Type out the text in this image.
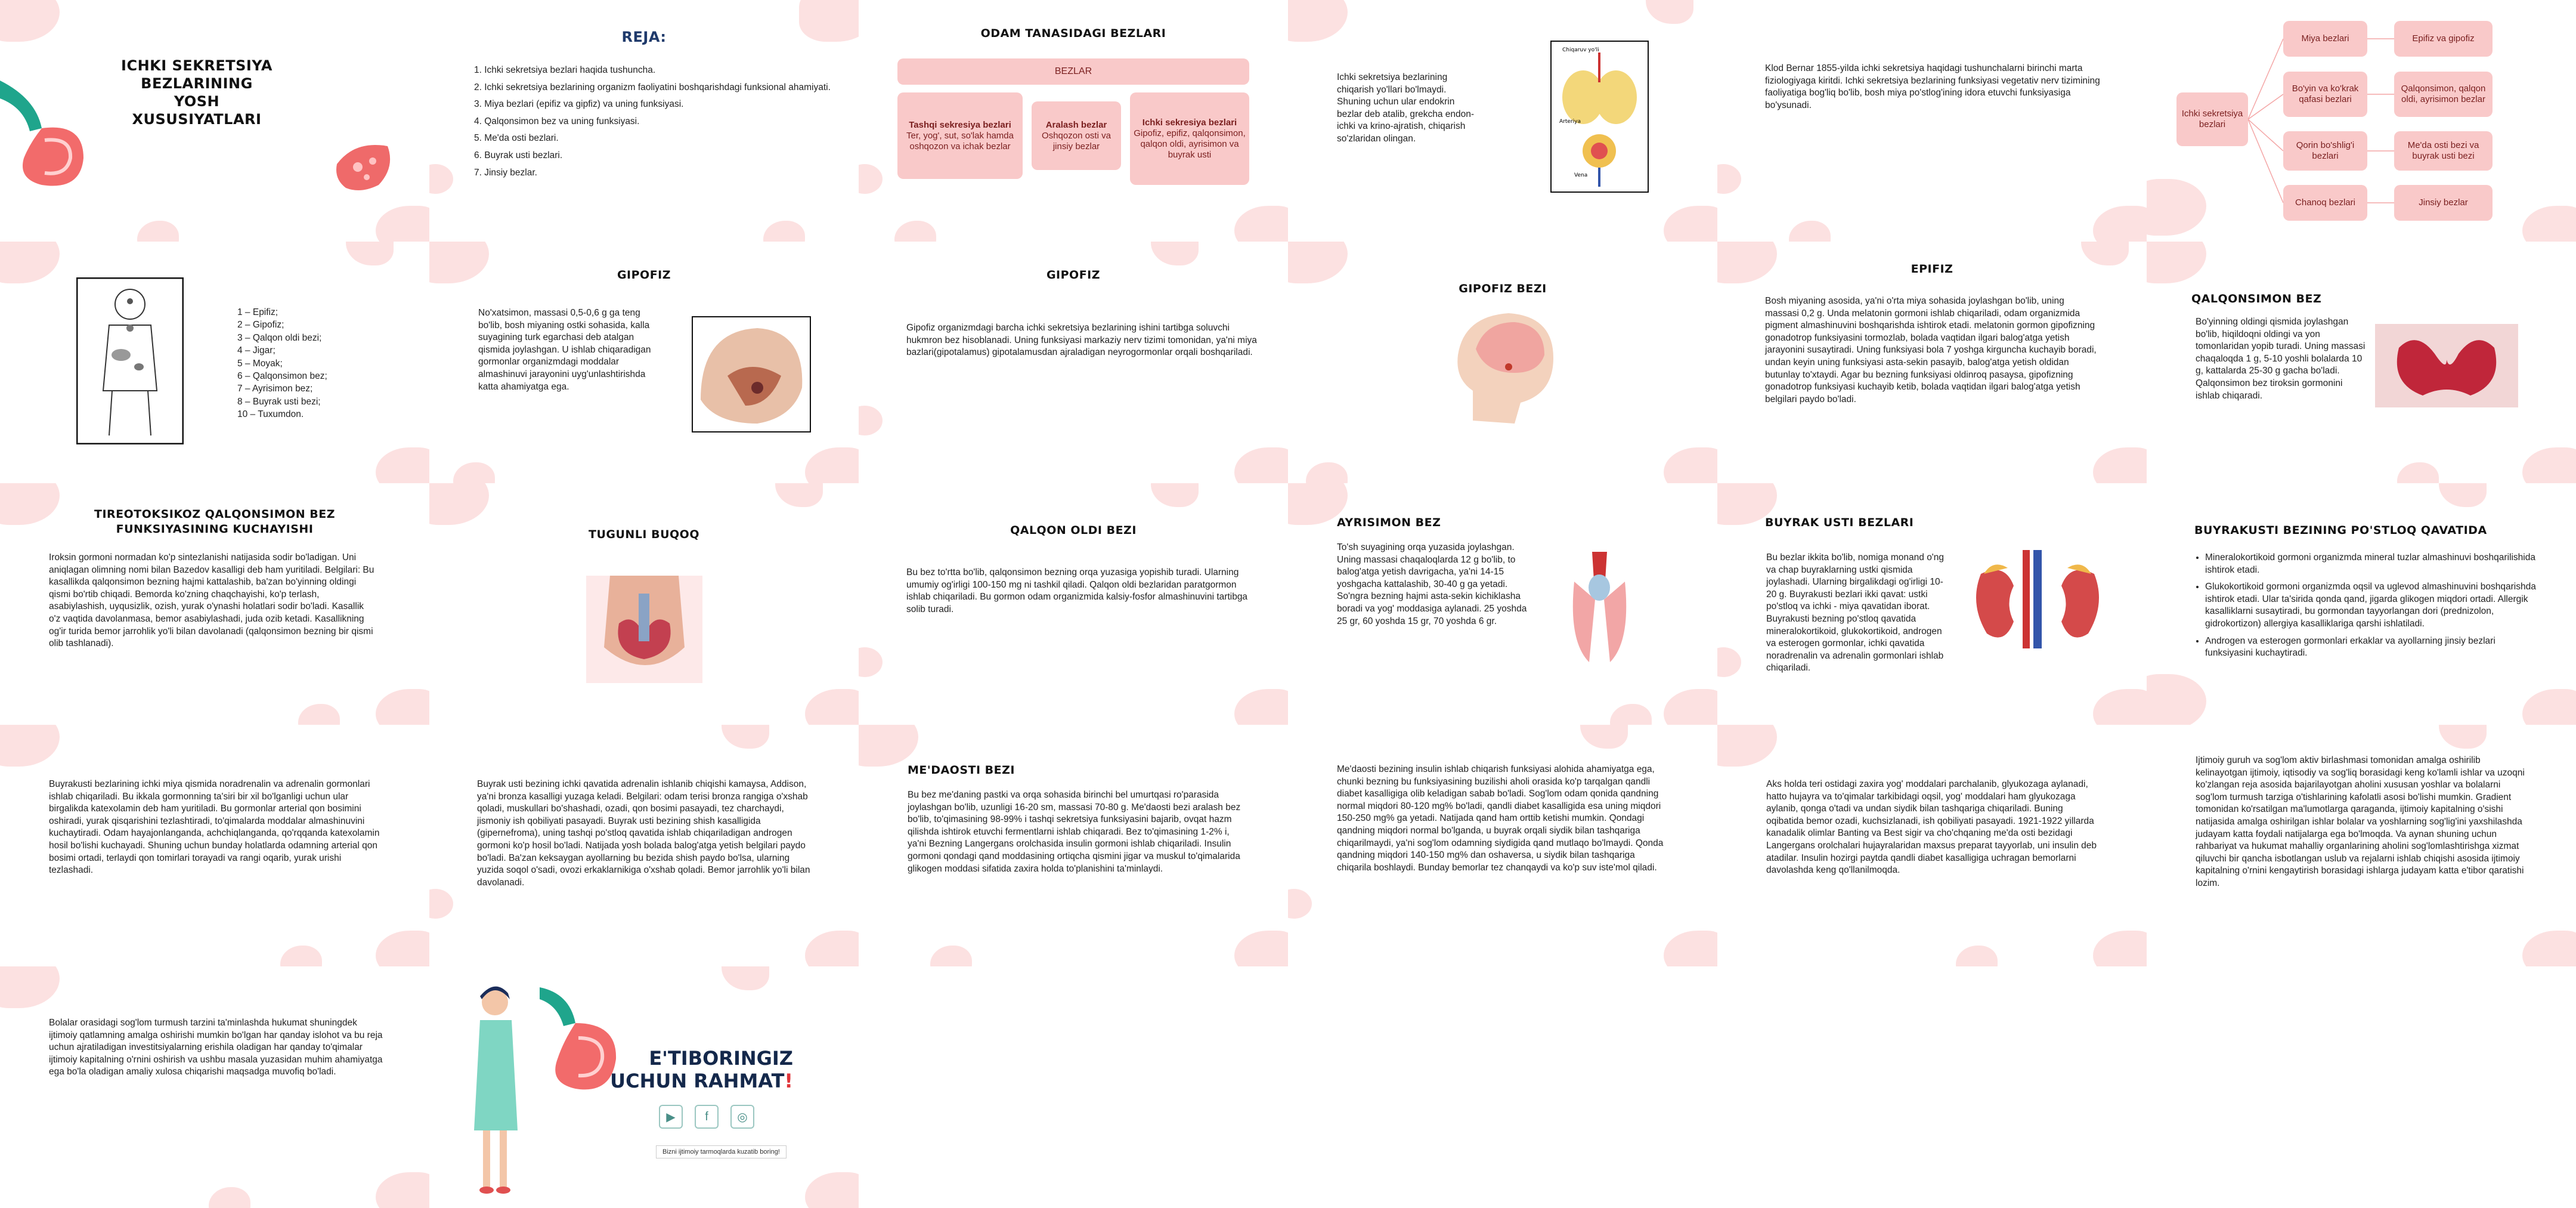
ICHKI SEKRETSIYA
BEZLARINING
YOSH XUSUSIYATLARI
REJA:
1. Ichki sekretsiya bezlari haqida tushuncha.
2. Ichki sekretsiya bezlarining organizm faoliyatini boshqarishdagi funksional ahamiyati.
3. Miya bezlari (epifiz va gipfiz) va uning funksiyasi.
4. Qalqonsimon bez va uning funksiyasi.
5. Me'da osti bezlari.
6. Buyrak usti bezlari.
7. Jinsiy bezlar.
ODAM TANASIDAGI BEZLARI
BEZLAR
Tashqi sekresiya bezlari
Ter, yog', sut, so'lak hamda oshqozon va ichak bezlar
Aralash bezlar
Oshqozon osti va jinsiy bezlar
Ichki sekresiya bezlari
Gipofiz, epifiz, qalqonsimon, qalqon oldi, ayrisimon va buyrak usti
Ichki sekretsiya bezlarining chiqarish yo'llari bo'lmaydi. Shuning uchun ular endokrin bezlar deb atalib, grekcha endon-ichki va krino-ajratish, chiqarish so'zlaridan olingan.
Chiqaruv yo'li
Arteriya
Vena
Klod Bernar 1855-yilda ichki sekretsiya haqidagi tushunchalarni birinchi marta fiziologiyaga kiritdi. Ichki sekretsiya bezlarining funksiyasi vegetativ nerv tizimining faoliyatiga bog'liq bo'lib, bosh miya po'stlog'ining idora etuvchi funksiyasiga bo'ysunadi.
Ichki sekretsiya bezlari
Miya bezlari
Bo'yin va ko'krak qafasi bezlari
Qorin bo'shlig'i bezlari
Chanoq bezlari
Epifiz va gipofiz
Qalqonsimon, qalqon oldi, ayrisimon bezlar
Me'da osti bezi va buyrak usti bezi
Jinsiy bezlar
1 – Epifiz;
2 – Gipofiz;
3 – Qalqon oldi bezi;
4 – Jigar;
5 – Moyak;
6 – Qalqonsimon bez;
7 – Ayrisimon bez;
8 – Buyrak usti bezi;
10 – Tuxumdon.
GIPOFIZ
No'xatsimon, massasi 0,5-0,6 g ga teng bo'lib, bosh miyaning ostki sohasida, kalla suyagining turk egarchasi deb atalgan qismida joylashgan. U ishlab chiqaradigan gormonlar organizmdagi moddalar almashinuvi jarayonini uyg'unlashtirishda katta ahamiyatga ega.
GIPOFIZ
Gipofiz organizmdagi barcha ichki sekretsiya bezlarining ishini tartibga soluvchi hukmron bez hisoblanadi. Uning funksiyasi markaziy nerv tizimi tomonidan, ya'ni miya bazlari(gipotalamus) gipotalamusdan ajraladigan neyrogormonlar orqali boshqariladi.
GIPOFIZ BEZI
EPIFIZ
Bosh miyaning asosida, ya'ni o'rta miya sohasida joylashgan bo'lib, uning massasi 0,2 g. Unda melatonin gormoni ishlab chiqariladi, odam organizmida pigment almashinuvini boshqarishda ishtirok etadi. melatonin gormon gipofizning gonadotrop funksiyasini tormozlab, bolada vaqtidan ilgari balog'atga yetish jarayonini susaytiradi. Uning funksiyasi bola 7 yoshga kirguncha kuchayib boradi, undan keyin uning funksiyasi asta-sekin pasayib, balog'atga yetish oldidan butunlay to'xtaydi. Agar bu bezning funksiyasi oldinroq pasaysa, gipofizning gonadotrop funksiyasi kuchayib ketib, bolada vaqtidan ilgari balog'atga yetish belgilari paydo bo'ladi.
QALQONSIMON BEZ
Bo'yinning oldingi qismida joylashgan bo'lib, hiqildoqni oldingi va yon tomonlaridan yopib turadi. Uning massasi chaqaloqda 1 g, 5-10 yoshli bolalarda 10 g, kattalarda 25-30 g gacha bo'ladi. Qalqonsimon bez tiroksin gormonini ishlab chiqaradi.
TIREOTOKSIKOZ QALQONSIMON BEZ
FUNKSIYASINING KUCHAYISHI
Iroksin gormoni normadan ko'p sintezlanishi natijasida sodir bo'ladigan. Uni aniqlagan olimning nomi bilan Bazedov kasalligi deb ham yuritiladi. Belgilari: Bu kasallikda qalqonsimon bezning hajmi kattalashib, ba'zan bo'yinning oldingi qismi bo'rtib chiqadi. Bemorda ko'zning chaqchayishi, ko'p terlash, asabiylashish, uyqusizlik, ozish, yurak o'ynashi holatlari sodir bo'ladi. Kasallik o'z vaqtida davolanmasa, bemor asabiylashadi, juda ozib ketadi. Kasallikning og'ir turida bemor jarrohlik yo'li bilan davolanadi (qalqonsimon bezning bir qismi olib tashlanadi).
TUGUNLI BUQOQ	QALQON OLDI BEZI
Bu bez to'rtta bo'lib, qalqonsimon bezning orqa yuzasiga yopishib turadi. Ularning umumiy og'irligi 100-150 mg ni tashkil qiladi. Qalqon oldi bezlaridan paratgormon ishlab chiqariladi. Bu gormon odam organizmida kalsiy-fosfor almashinuvini tartibga solib turadi.
AYRISIMON BEZ
To'sh suyagining orqa yuzasida joylashgan. Uning massasi chaqaloqlarda 12 g bo'lib, to balog'atga yetish davrigacha, ya'ni 14-15 yoshgacha kattalashib, 30-40 g ga yetadi. So'ngra bezning hajmi asta-sekin kichiklasha boradi va yog' moddasiga aylanadi. 25 yoshda 25 gr, 60 yoshda 15 gr, 70 yoshda 6 gr.
BUYRAK USTI BEZLARI
Bu bezlar ikkita bo'lib, nomiga monand o'ng va chap buyraklarning ustki qismida joylashadi. Ularning birgalikdagi og'irligi 10-20 g. Buyrakusti bezlari ikki qavat: ustki po'stloq va ichki - miya qavatidan iborat. Buyrakusti bezning po'stloq qavatida mineralokortikoid, glukokortikoid, androgen va esterogen gormonlar, ichki qavatida noradrenalin va adrenalin gormonlari ishlab chiqariladi.
BUYRAKUSTI BEZINING PO'STLOQ QAVATIDA
• Mineralokortikoid gormoni organizmda mineral tuzlar almashinuvi boshqarilishida ishtirok etadi.
• Glukokortikoid gormoni organizmda oqsil va uglevod almashinuvini boshqarishda ishtirok etadi. Ular ta'sirida qonda qand, jigarda glikogen miqdori ortadi. Allergik kasalliklarni susaytiradi, bu gormondan tayyorlangan dori (prednizolon, gidrokortizon) allergiya kasalliklariga qarshi ishlatiladi.
• Androgen va esterogen gormonlari erkaklar va ayollarning jinsiy bezlari funksiyasini kuchaytiradi.
Buyrakusti bezlarining ichki miya qismida noradrenalin va adrenalin gormonlari ishlab chiqariladi. Bu ikkala gormonning ta'siri bir xil bo'lganligi uchun ular birgalikda katexolamin deb ham yuritiladi. Bu gormonlar arterial qon bosimini oshiradi, yurak qisqarishini tezlashtiradi, to'qimalarda moddalar almashinuvini kuchaytiradi. Odam hayajonlanganda, achchiqlanganda, qo'rqqanda katexolamin hosil bo'lishi kuchayadi. Shuning uchun bunday holatlarda odamning arterial qon bosimi ortadi, terlaydi qon tomirlari torayadi va rangi oqarib, yurak urishi tezlashadi.
Buyrak usti bezining ichki qavatida adrenalin ishlanib chiqishi kamaysa, Addison, ya'ni bronza kasalligi yuzaga keladi. Belgilari: odam terisi bronza rangiga o'xshab qoladi, muskullari bo'shashadi, ozadi, qon bosimi pasayadi, tez charchaydi, jismoniy ish qobiliyati pasayadi. Buyrak usti bezining shish kasalligida (gipernefroma), uning tashqi po'stloq qavatida ishlab chiqariladigan androgen gormoni ko'p hosil bo'ladi. Natijada yosh bolada balog'atga yetish belgilari paydo bo'ladi. Ba'zan keksaygan ayollarning bu bezida shish paydo bo'lsa, ularning yuzida soqol o'sadi, ovozi erkaklarnikiga o'xshab qoladi. Bemor jarrohlik yo'li bilan davolanadi.
ME'DAOSTI BEZI
Bu bez me'daning pastki va orqa sohasida birinchi bel umurtqasi ro'parasida joylashgan bo'lib, uzunligi 16-20 sm, massasi 70-80 g. Me'daosti bezi aralash bez bo'lib, to'qimasining 98-99% i tashqi sekretsiya funksiyasini bajarib, ovqat hazm qilishda ishtirok etuvchi fermentlarni ishlab chiqaradi. Bez to'qimasining 1-2% i, ya'ni Bezning Langergans orolchasida insulin gormoni ishlab chiqariladi. Insulin gormoni qondagi qand moddasining ortiqcha qismini jigar va muskul to'qimalarida glikogen moddasi sifatida zaxira holda to'planishini ta'minlaydi.
Me'daosti bezining insulin ishlab chiqarish funksiyasi alohida ahamiyatga ega, chunki bezning bu funksiyasining buzilishi aholi orasida ko'p tarqalgan qandli diabet kasalligiga olib keladigan sabab bo'ladi. Sog'lom odam qonida qandning normal miqdori 80-120 mg% bo'ladi, qandli diabet kasalligida esa uning miqdori 150-250 mg% ga yetadi. Natijada qand ham orttib ketishi mumkin. Qondagi qandning miqdori normal bo'lganda, u buyrak orqali siydik bilan tashqariga chiqarilmaydi, ya'ni sog'lom odamning siydigida qand mutlaqo bo'lmaydi. Qonda qandning miqdori 140-150 mg% dan oshaversa, u siydik bilan tashqariga chiqarila boshlaydi. Bunday bemorlar tez chanqaydi va ko'p suv iste'mol qiladi.
Aks holda teri ostidagi zaxira yog' moddalari parchalanib, glyukozaga aylanadi, hatto hujayra va to'qimalar tarkibidagi oqsil, yog' moddalari ham glyukozaga aylanib, qonga o'tadi va undan siydik bilan tashqariga chiqariladi. Buning oqibatida bemor ozadi, kuchsizlanadi, ish qobiliyati pasayadi. 1921-1922 yillarda kanadalik olimlar Banting va Best sigir va cho'chqaning me'da osti bezidagi Langergans orolchalari hujayralaridan maxsus preparat tayyorlab, uni insulin deb atadilar. Insulin hozirgi paytda qandli diabet kasalligiga uchragan bemorlarni davolashda keng qo'llanilmoqda.
Ijtimoiy guruh va sog'lom aktiv birlashmasi tomonidan amalga oshirilib kelinayotgan ijtimoiy, iqtisodiy va sog'liq borasidagi keng ko'lamli ishlar va uzoqni ko'zlangan reja asosida bajarilayotgan aholini xususan yoshlar va bolalarni sog'lom turmush tarziga o'tishlarining kafolatli asosi bo'lishi mumkin. Gradient tomonidan ko'rsatilgan ma'lumotlarga qaraganda, ijtimoiy kapitalning o'sishi natijasida amalga oshirilgan ishlar bolalar va yoshlarning sog'lig'ini yaxshilashda judayam katta foydali natijalarga ega bo'lmoqda. Va aynan shuning uchun rahbariyat va hukumat mahalliy organlarining aholini sog'lomlashtirishga xizmat qiluvchi bir qancha isbotlangan uslub va rejalarni ishlab chiqishi asosida ijtimoiy kapitalning o'rnini kengaytirish borasidagi ishlarga judayam katta e'tibor qaratishi lozim.
Bolalar orasidagi sog'lom turmush tarzini ta'minlashda hukumat shuningdek ijtimoiy qatlamning amalga oshirishi mumkin bo'lgan har qanday islohot va bu reja uchun ajratiladigan investitsiyalarning erishila oladigan har qanday to'qimalar ijtimoiy kapitalning o'rnini oshirish va ushbu masala yuzasidan muhim ahamiyatga ega bo'la oladigan amaliy xulosa chiqarishi maqsadga muvofiq bo'ladi.
E'TIBORINGIZ
UCHUN RAHMAT!
▶	f	◎
Bizni ijtimoiy tarmoqlarda kuzatib boring!
